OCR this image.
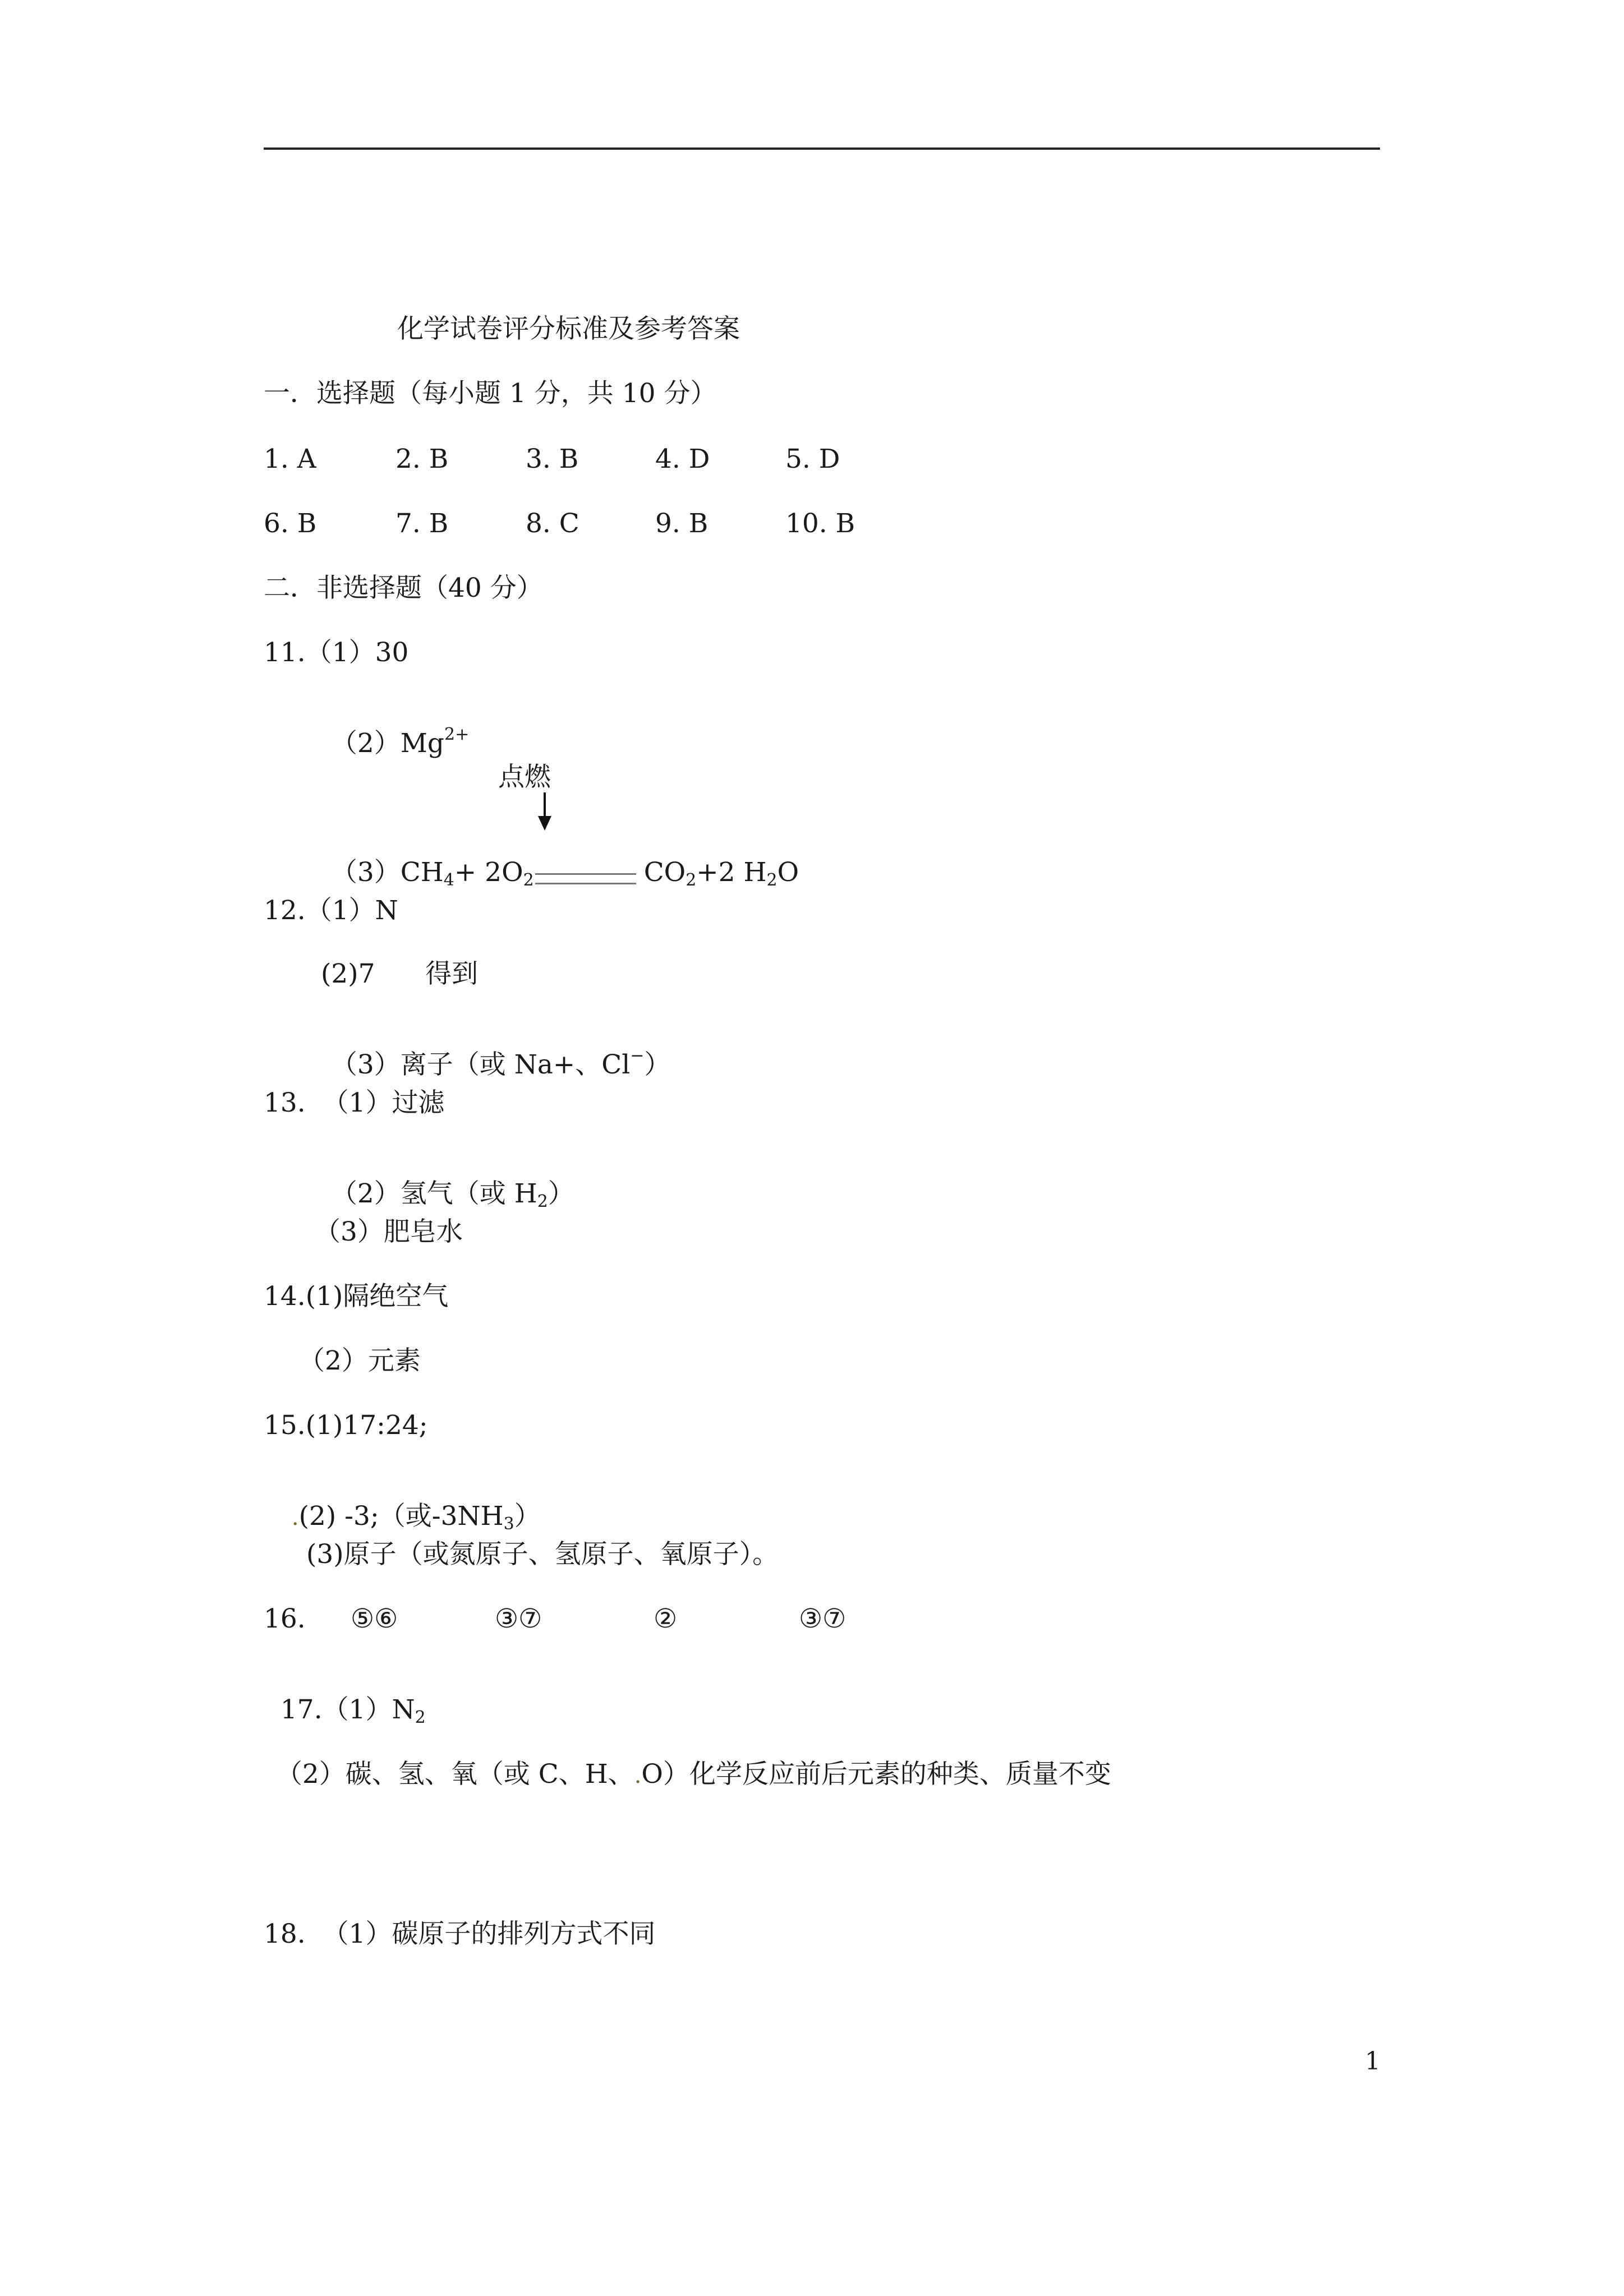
化学试卷评分标准及参考答案
一．选择题（每小题 1 分，共 10 分）
1. A	2. B	3. B	4. D	5. D
6. B	7. B	8. C	9. B	10. B
二．非选择题（40 分）
11.（1）30

$(2)Mg^{2+}$

点燃

$(3)CH_4+ 2O_2$	$CO_2+2$ $H_2O$

12.（1）N
(2)7      得到

（3）离子（或 Na+、Cl−）

13.  （1）过滤

（2）氢气（或 $H_2$）

（3）肥皂水
14.(1)隔绝空气
（2）元素
15.(1)17:24;

.(2) -3;（或$-3NH_3$）

(3)原子（或氮原子、氢原子、氧原子）。
16. ⑤⑥	③⑦	②	③⑦

$17.(1)N_2$

（2）碳、氢、氧（或 C、H、.O）化学反应前后元素的种类、质量不变

18.  （1）碳原子的排列方式不同
1
